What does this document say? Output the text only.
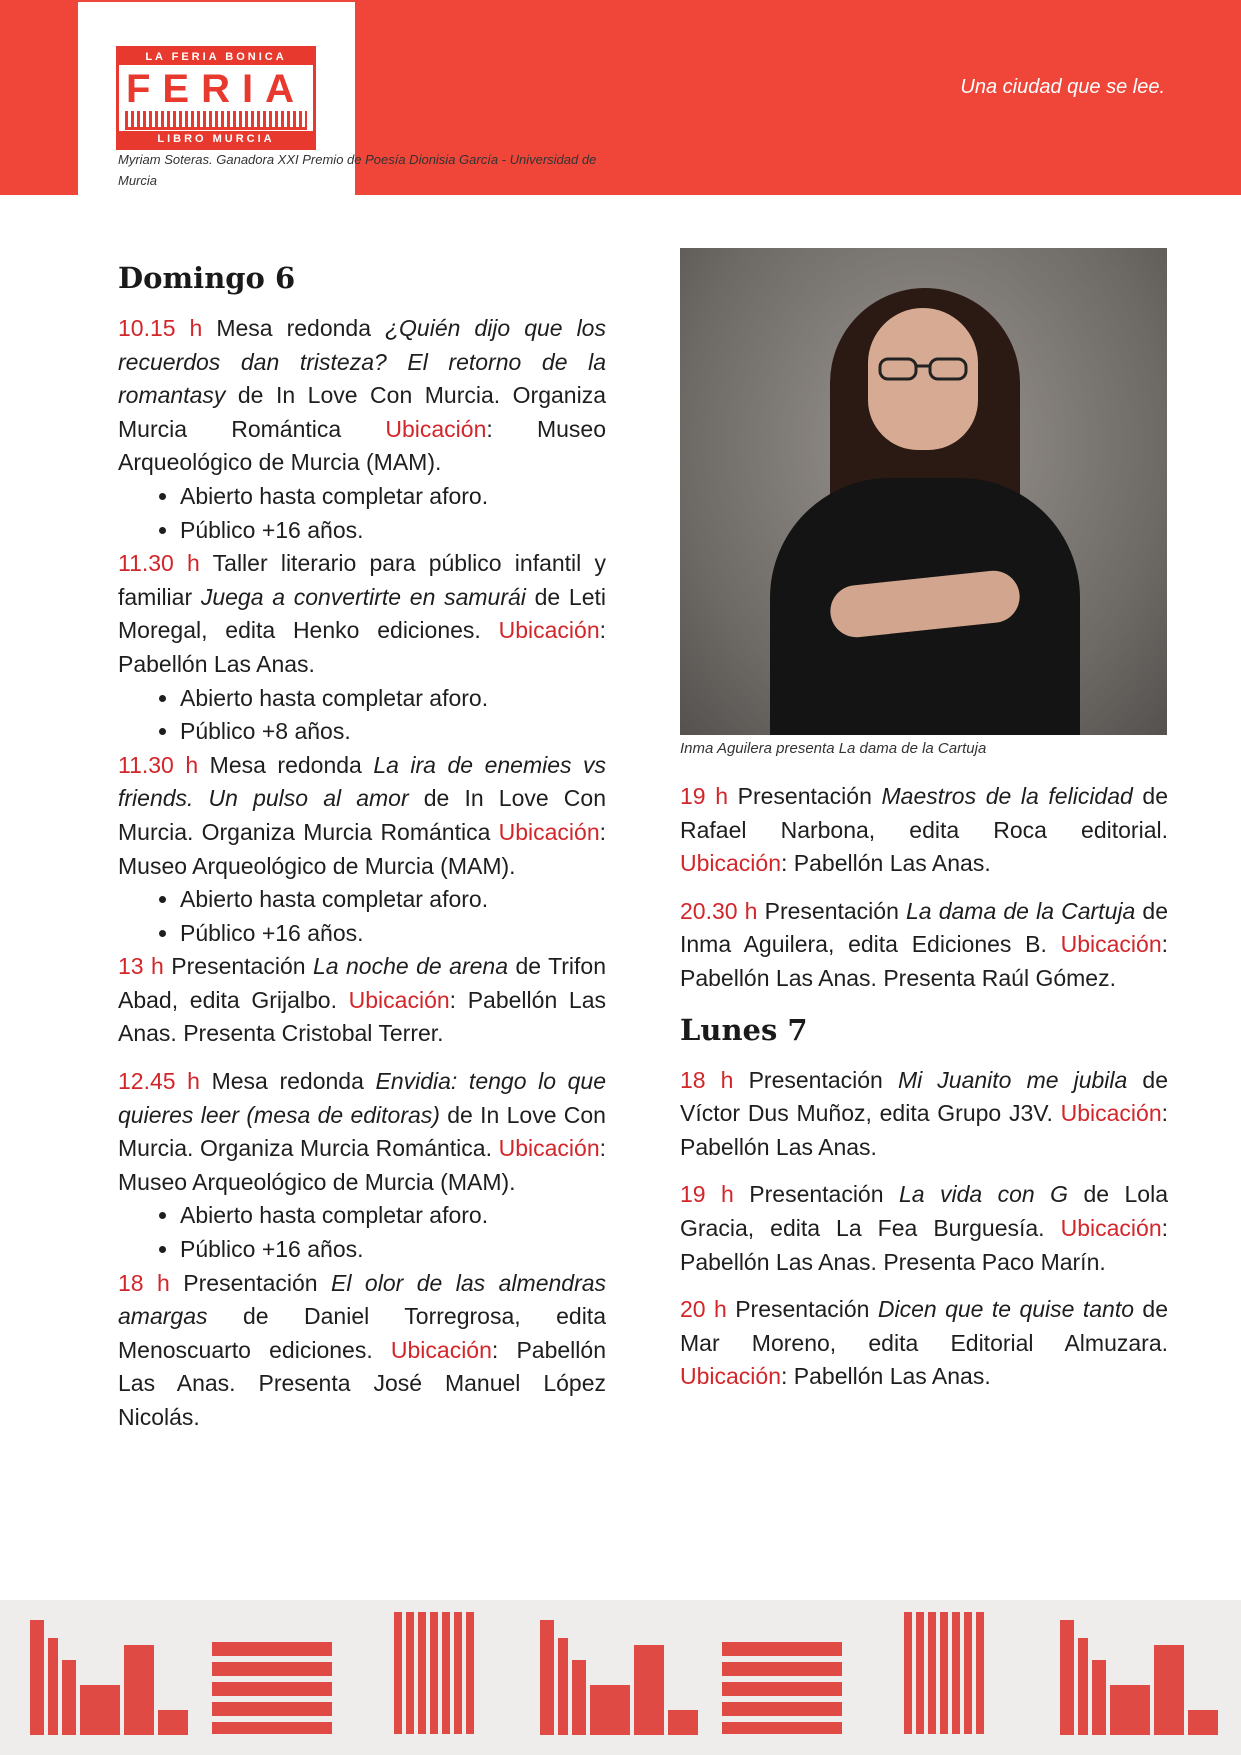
LA FERIA BONICA
FERIA
LIBRO MURCIA
Myriam Soteras. Ganadora XXI Premio de Poesía Dionisia García - Universidad de Murcia
Una ciudad que se lee.
Domingo 6

10.15 h Mesa redonda ¿Quién dijo que los recuerdos dan tristeza? El retorno de la romantasy de In Love Con Murcia. Organiza Murcia Romántica Ubicación: Museo Arqueológico de Murcia (MAM).

• Abierto hasta completar aforo.
• Público +16 años.

11.30 h Taller literario para público infantil y familiar Juega a convertirte en samurái de Leti Moregal, edita Henko ediciones. Ubicación: Pabellón Las Anas.

• Abierto hasta completar aforo.
• Público +8 años.

11.30 h Mesa redonda La ira de enemies vs friends. Un pulso al amor de In Love Con Murcia. Organiza Murcia Romántica Ubicación: Museo Arqueológico de Murcia (MAM).

• Abierto hasta completar aforo.
• Público +16 años.

13 h Presentación La noche de arena de Trifon Abad, edita Grijalbo. Ubicación: Pabellón Las Anas. Presenta Cristobal Terrer.

12.45 h Mesa redonda Envidia: tengo lo que quieres leer (mesa de editoras) de In Love Con Murcia. Organiza Murcia Romántica. Ubicación: Museo Arqueológico de Murcia (MAM).

• Abierto hasta completar aforo.
• Público +16 años.

18 h Presentación El olor de las almendras amargas de Daniel Torregrosa, edita Menoscuarto ediciones. Ubicación: Pabellón Las Anas. Presenta José Manuel López Nicolás.

Inma Aguilera presenta La dama de la Cartuja

19 h Presentación Maestros de la felicidad de Rafael Narbona, edita Roca editorial. Ubicación: Pabellón Las Anas.

20.30 h Presentación La dama de la Cartuja de Inma Aguilera, edita Ediciones B. Ubicación: Pabellón Las Anas. Presenta Raúl Gómez.

Lunes 7

18 h Presentación Mi Juanito me jubila de Víctor Dus Muñoz, edita Grupo J3V. Ubicación: Pabellón Las Anas.

19 h Presentación La vida con G de Lola Gracia, edita La Fea Burguesía. Ubicación: Pabellón Las Anas. Presenta Paco Marín.

20 h Presentación Dicen que te quise tanto de Mar Moreno, edita Editorial Almuzara. Ubicación: Pabellón Las Anas.
